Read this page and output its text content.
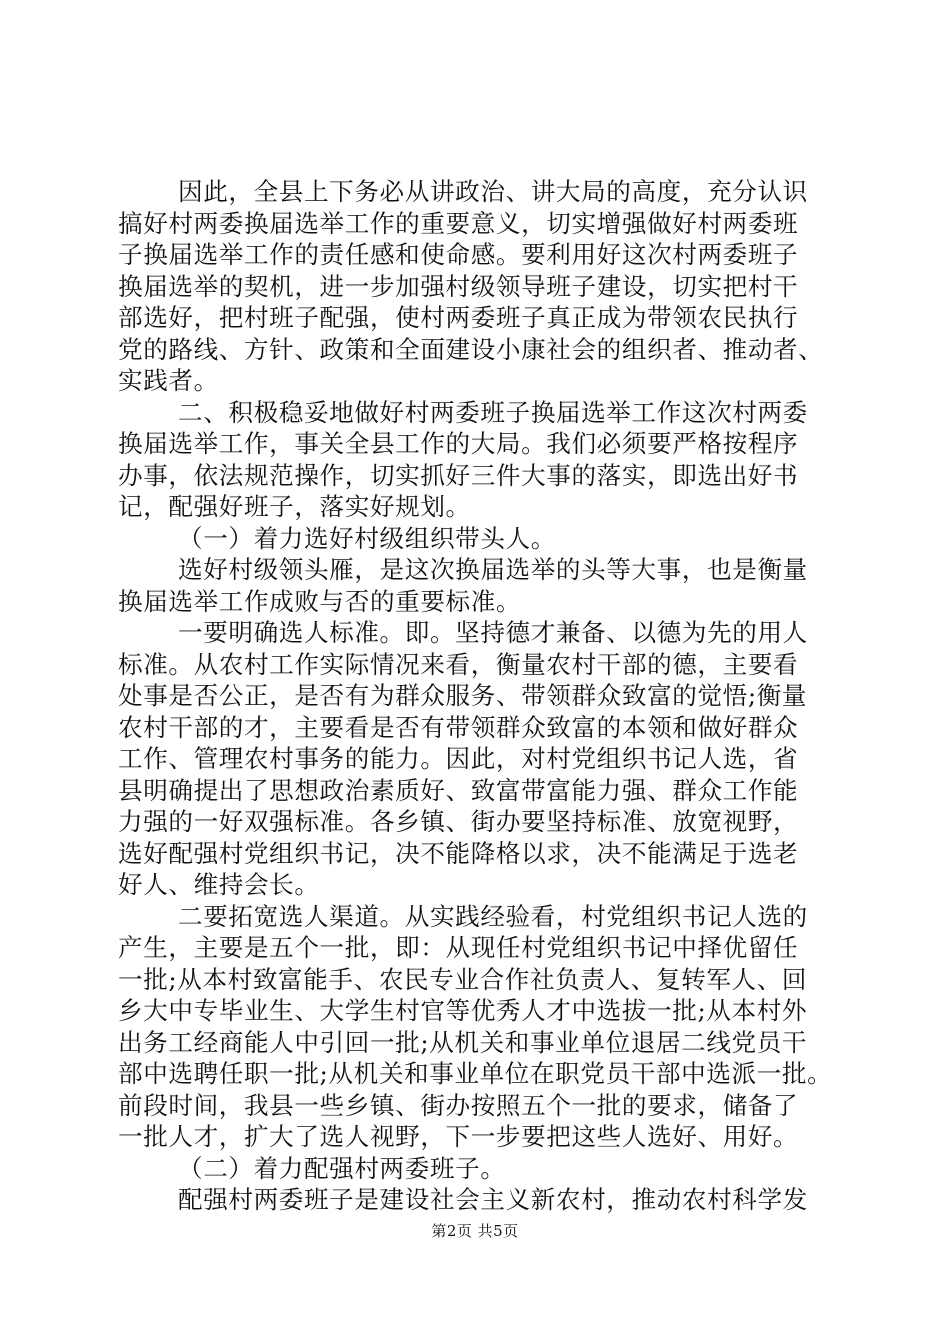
因此，全县上下务必从讲政治、讲大局的高度，充分认识
搞好村两委换届选举工作的重要意义，切实增强做好村两委班
子换届选举工作的责任感和使命感。要利用好这次村两委班子
换届选举的契机，进一步加强村级领导班子建设，切实把村干
部选好，把村班子配强，使村两委班子真正成为带领农民执行
党的路线、方针、政策和全面建设小康社会的组织者、推动者、
实践者。
二、积极稳妥地做好村两委班子换届选举工作这次村两委
换届选举工作，事关全县工作的大局。我们必须要严格按程序
办事，依法规范操作，切实抓好三件大事的落实，即选出好书
记，配强好班子，落实好规划。
（一）着力选好村级组织带头人。
选好村级领头雁，是这次换届选举的头等大事，也是衡量
换届选举工作成败与否的重要标准。
一要明确选人标准。即。坚持德才兼备、以德为先的用人
标准。从农村工作实际情况来看，衡量农村干部的德，主要看
处事是否公正，是否有为群众服务、带领群众致富的觉悟;衡量
农村干部的才，主要看是否有带领群众致富的本领和做好群众
工作、管理农村事务的能力。因此，对村党组织书记人选，省
县明确提出了思想政治素质好、致富带富能力强、群众工作能
力强的一好双强标准。各乡镇、街办要坚持标准、放宽视野，
选好配强村党组织书记，决不能降格以求，决不能满足于选老
好人、维持会长。
二要拓宽选人渠道。从实践经验看，村党组织书记人选的
产生，主要是五个一批，即：从现任村党组织书记中择优留任
一批;从本村致富能手、农民专业合作社负责人、复转军人、回
乡大中专毕业生、大学生村官等优秀人才中选拔一批;从本村外
出务工经商能人中引回一批;从机关和事业单位退居二线党员干
部中选聘任职一批;从机关和事业单位在职党员干部中选派一批。
前段时间，我县一些乡镇、街办按照五个一批的要求，储备了
一批人才，扩大了选人视野，下一步要把这些人选好、用好。
（二）着力配强村两委班子。
配强村两委班子是建设社会主义新农村，推动农村科学发
第2页 共5页
